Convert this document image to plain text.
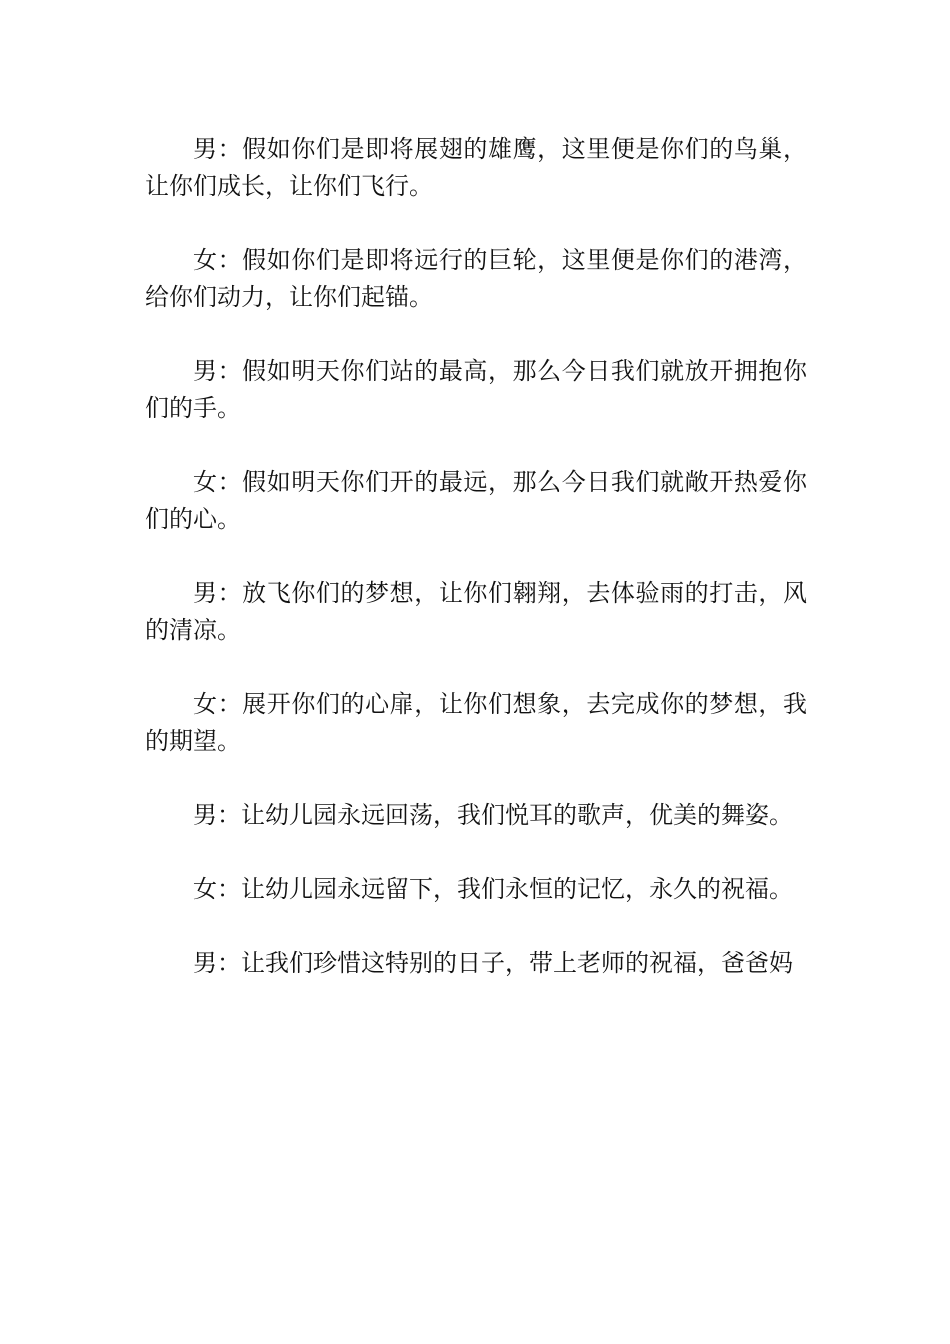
男：假如你们是即将展翅的雄鹰，这里便是你们的鸟巢，让你们成长，让你们飞行。

女：假如你们是即将远行的巨轮，这里便是你们的港湾，给你们动力，让你们起锚。

男：假如明天你们站的最高，那么今日我们就放开拥抱你们的手。

女：假如明天你们开的最远，那么今日我们就敞开热爱你们的心。

男：放飞你们的梦想，让你们翱翔，去体验雨的打击，风的清凉。

女：展开你们的心扉，让你们想象，去完成你的梦想，我的期望。

男：让幼儿园永远回荡，我们悦耳的歌声，优美的舞姿。

女：让幼儿园永远留下，我们永恒的记忆，永久的祝福。

男：让我们珍惜这特别的日子，带上老师的祝福，爸爸妈
